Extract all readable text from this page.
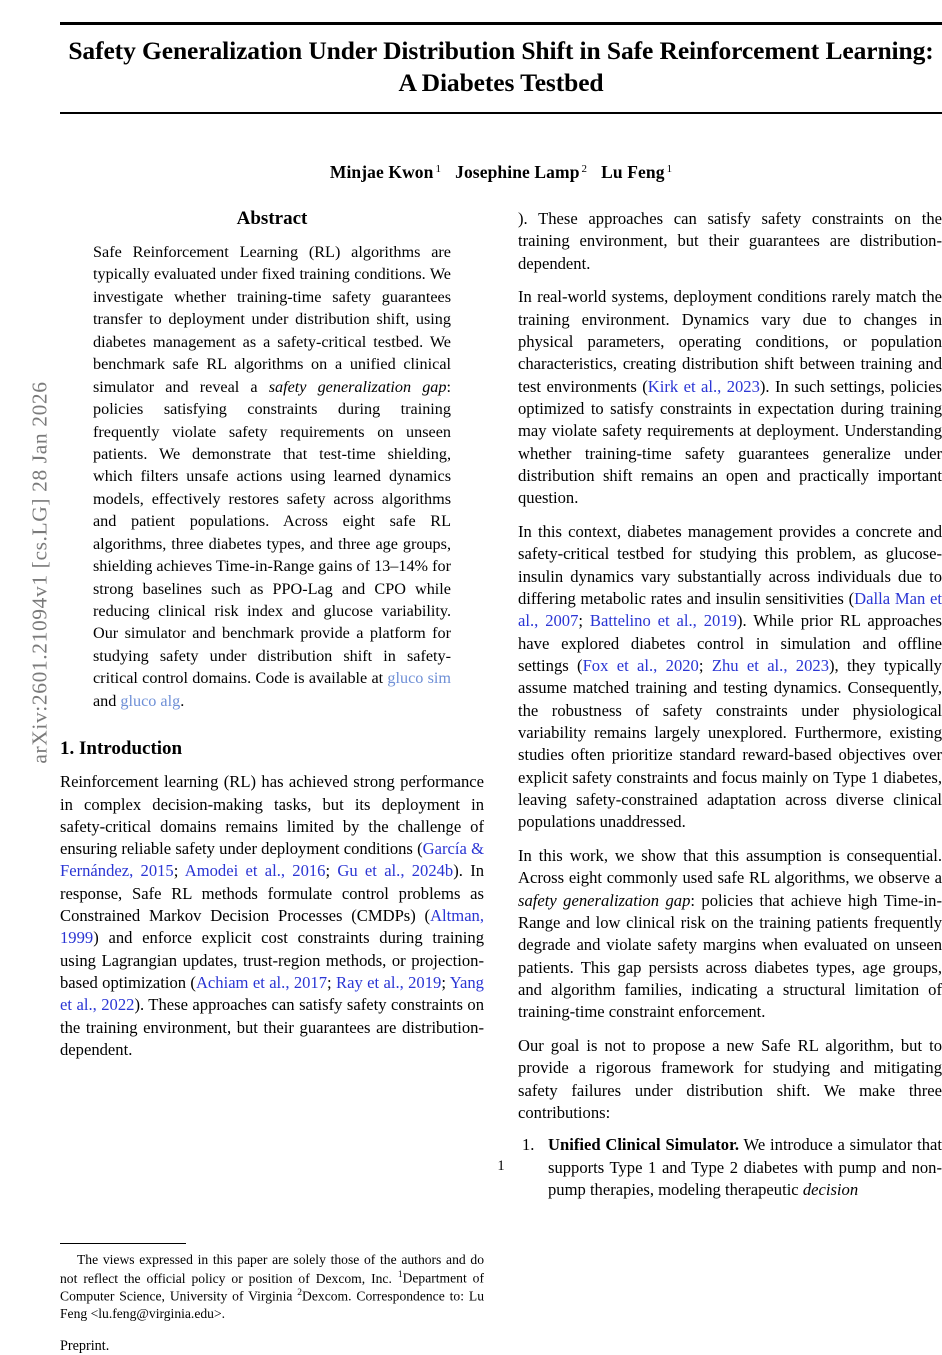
arXiv:2601.21094v1 [cs.LG] 28 Jan 2026
Safety Generalization Under Distribution Shift in Safe Reinforcement Learning:
A Diabetes Testbed
Minjae Kwon $^1$ Josephine Lamp $^2$ Lu Feng $^1$
Abstract
Safe Reinforcement Learning (RL) algorithms are typically evaluated under fixed training conditions. We investigate whether training-time safety guarantees transfer to deployment under distribution shift, using diabetes management as a safety-critical testbed. We benchmark safe RL algorithms on a unified clinical simulator and reveal a safety generalization gap: policies satisfying constraints during training frequently violate safety requirements on unseen patients. We demonstrate that test-time shielding, which filters unsafe actions using learned dynamics models, effectively restores safety across algorithms and patient populations. Across eight safe RL algorithms, three diabetes types, and three age groups, shielding achieves Time-in-Range gains of 13–14% for strong baselines such as PPO-Lag and CPO while reducing clinical risk index and glucose variability. Our simulator and benchmark provide a platform for studying safety under distribution shift in safety-critical control domains. Code is available at gluco sim and gluco alg.
1. Introduction

Reinforcement learning (RL) has achieved strong performance in complex decision-making tasks, but its deployment in safety-critical domains remains limited by the challenge of ensuring reliable safety under deployment conditions (García & Fernández, 2015; Amodei et al., 2016; Gu et al., 2024b). In response, Safe RL methods formulate control problems as Constrained Markov Decision Processes (CMDPs) (Altman, 1999) and enforce explicit cost constraints during training using Lagrangian updates, trust-region methods, or projection-based optimization (Achiam et al., 2017; Ray et al., 2019; Yang et al., 2022). These approaches can satisfy safety constraints on the training environment, but their guarantees are distribution-dependent.

The views expressed in this paper are solely those of the authors and do not reflect the official policy or position of Dexcom, Inc. $^1$Department of Computer Science, University of Virginia $^2$Dexcom. Correspondence to: Lu Feng <lu.feng@virginia.edu>.
Preprint.

). These approaches can satisfy safety constraints on the training environment, but their guarantees are distribution-dependent.

In real-world systems, deployment conditions rarely match the training environment. Dynamics vary due to changes in physical parameters, operating conditions, or population characteristics, creating distribution shift between training and test environments (Kirk et al., 2023). In such settings, policies optimized to satisfy constraints in expectation during training may violate safety requirements at deployment. Understanding whether training-time safety guarantees generalize under distribution shift remains an open and practically important question.

In this context, diabetes management provides a concrete and safety-critical testbed for studying this problem, as glucose-insulin dynamics vary substantially across individuals due to differing metabolic rates and insulin sensitivities (Dalla Man et al., 2007; Battelino et al., 2019). While prior RL approaches have explored diabetes control in simulation and offline settings (Fox et al., 2020; Zhu et al., 2023), they typically assume matched training and testing dynamics. Consequently, the robustness of safety constraints under physiological variability remains largely unexplored. Furthermore, existing studies often prioritize standard reward-based objectives over explicit safety constraints and focus mainly on Type 1 diabetes, leaving safety-constrained adaptation across diverse clinical populations unaddressed.

In this work, we show that this assumption is consequential. Across eight commonly used safe RL algorithms, we observe a safety generalization gap: policies that achieve high Time-in-Range and low clinical risk on the training patients frequently degrade and violate safety margins when evaluated on unseen patients. This gap persists across diabetes types, age groups, and algorithm families, indicating a structural limitation of training-time constraint enforcement.

Our goal is not to propose a new Safe RL algorithm, but to provide a rigorous framework for studying and mitigating safety failures under distribution shift. We make three contributions:

1. Unified Clinical Simulator. We introduce a simulator that supports Type 1 and Type 2 diabetes with pump and non-pump therapies, modeling therapeutic decision
1
